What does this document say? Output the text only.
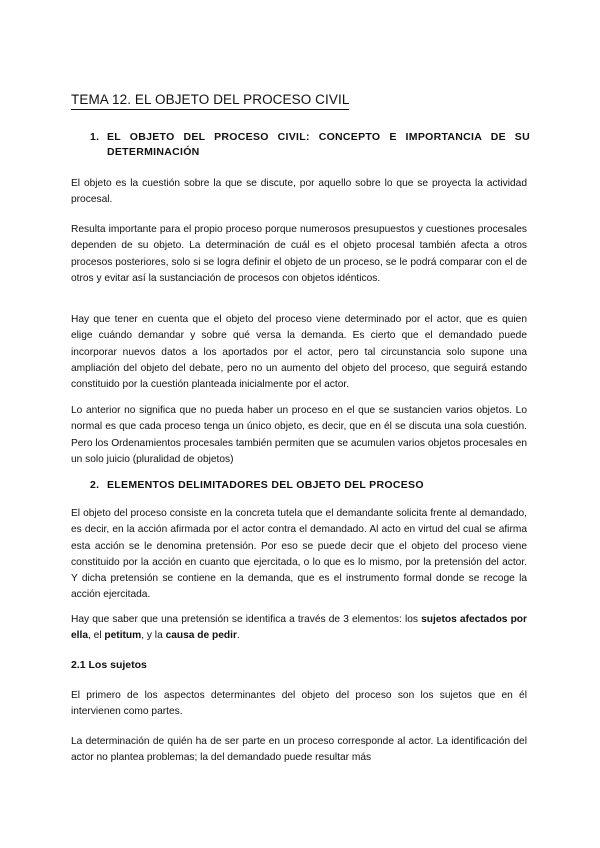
TEMA 12. EL OBJETO DEL PROCESO CIVIL
1. EL OBJETO DEL PROCESO CIVIL: CONCEPTO E IMPORTANCIA DE SU DETERMINACIÓN

El objeto es la cuestión sobre la que se discute, por aquello sobre lo que se proyecta la actividad procesal.

Resulta importante para el propio proceso porque numerosos presupuestos y cuestiones procesales dependen de su objeto. La determinación de cuál es el objeto procesal también afecta a otros procesos posteriores, solo si se logra definir el objeto de un proceso, se le podrá comparar con el de otros y evitar así la sustanciación de procesos con objetos idénticos.

Hay que tener en cuenta que el objeto del proceso viene determinado por el actor, que es quien elige cuándo demandar y sobre qué versa la demanda. Es cierto que el demandado puede incorporar nuevos datos a los aportados por el actor, pero tal circunstancia solo supone una ampliación del objeto del debate, pero no un aumento del objeto del proceso, que seguirá estando constituido por la cuestión planteada inicialmente por el actor.

Lo anterior no significa que no pueda haber un proceso en el que se sustancien varios objetos. Lo normal es que cada proceso tenga un único objeto, es decir, que en él se discuta una sola cuestión. Pero los Ordenamientos procesales también permiten que se acumulen varios objetos procesales en un solo juicio (pluralidad de objetos)

2. ELEMENTOS DELIMITADORES DEL OBJETO DEL PROCESO

El objeto del proceso consiste en la concreta tutela que el demandante solicita frente al demandado, es decir, en la acción afirmada por el actor contra el demandado. Al acto en virtud del cual se afirma esta acción se le denomina pretensión. Por eso se puede decir que el objeto del proceso viene constituido por la acción en cuanto que ejercitada, o lo que es lo mismo, por la pretensión del actor. Y dicha pretensión se contiene en la demanda, que es el instrumento formal donde se recoge la acción ejercitada.

Hay que saber que una pretensión se identifica a través de 3 elementos: los sujetos afectados por ella, el petitum, y la causa de pedir.

2.1 Los sujetos

El primero de los aspectos determinantes del objeto del proceso son los sujetos que en él intervienen como partes.

La determinación de quién ha de ser parte en un proceso corresponde al actor. La identificación del actor no plantea problemas; la del demandado puede resultar más
